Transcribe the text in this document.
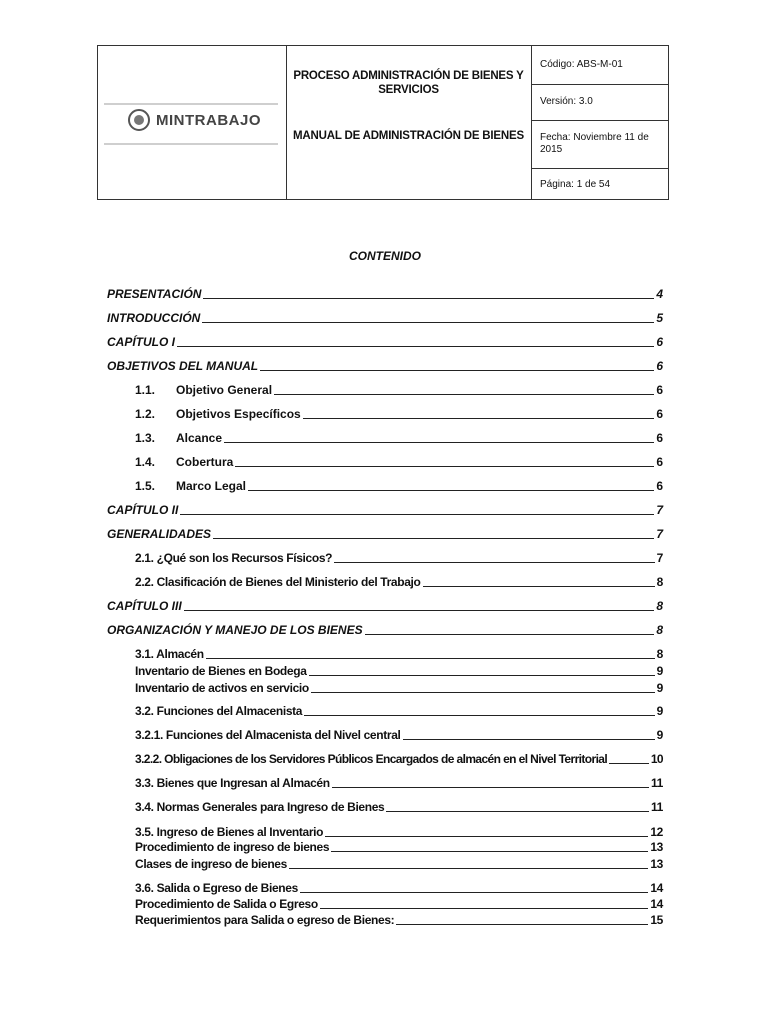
MINTRABAJO
PROCESO ADMINISTRACIÓN DE BIENES Y SERVICIOS
MANUAL DE ADMINISTRACIÓN DE BIENES
Código: ABS-M-01
Versión: 3.0
Fecha: Noviembre 11 de 2015
Página: 1 de 54
CONTENIDO
PRESENTACIÓN	4
INTRODUCCIÓN	5
CAPÍTULO I	6
OBJETIVOS DEL MANUAL	6
1.1.	Objetivo General	6
1.2.	Objetivos Específicos	6
1.3.	Alcance	6
1.4.	Cobertura	6
1.5.	Marco Legal	6
CAPÍTULO II	7
GENERALIDADES	7
2.1. ¿Qué son los Recursos Físicos?	7
2.2. Clasificación de Bienes del Ministerio del Trabajo	8
CAPÍTULO III	8
ORGANIZACIÓN Y MANEJO DE LOS BIENES	8
3.1. Almacén	8
Inventario de Bienes en Bodega	9
Inventario de activos en servicio	9
3.2. Funciones del Almacenista	9
3.2.1. Funciones del Almacenista del Nivel central	9
3.2.2. Obligaciones de los Servidores Públicos Encargados de almacén en el Nivel Territorial	10
3.3. Bienes que Ingresan al Almacén	11
3.4. Normas Generales para Ingreso de Bienes	11
3.5. Ingreso de Bienes al Inventario	12
Procedimiento de ingreso de bienes	13
Clases de ingreso de bienes	13
3.6. Salida o Egreso de Bienes	14
Procedimiento de Salida o Egreso	14
Requerimientos para Salida o egreso de Bienes:	15
